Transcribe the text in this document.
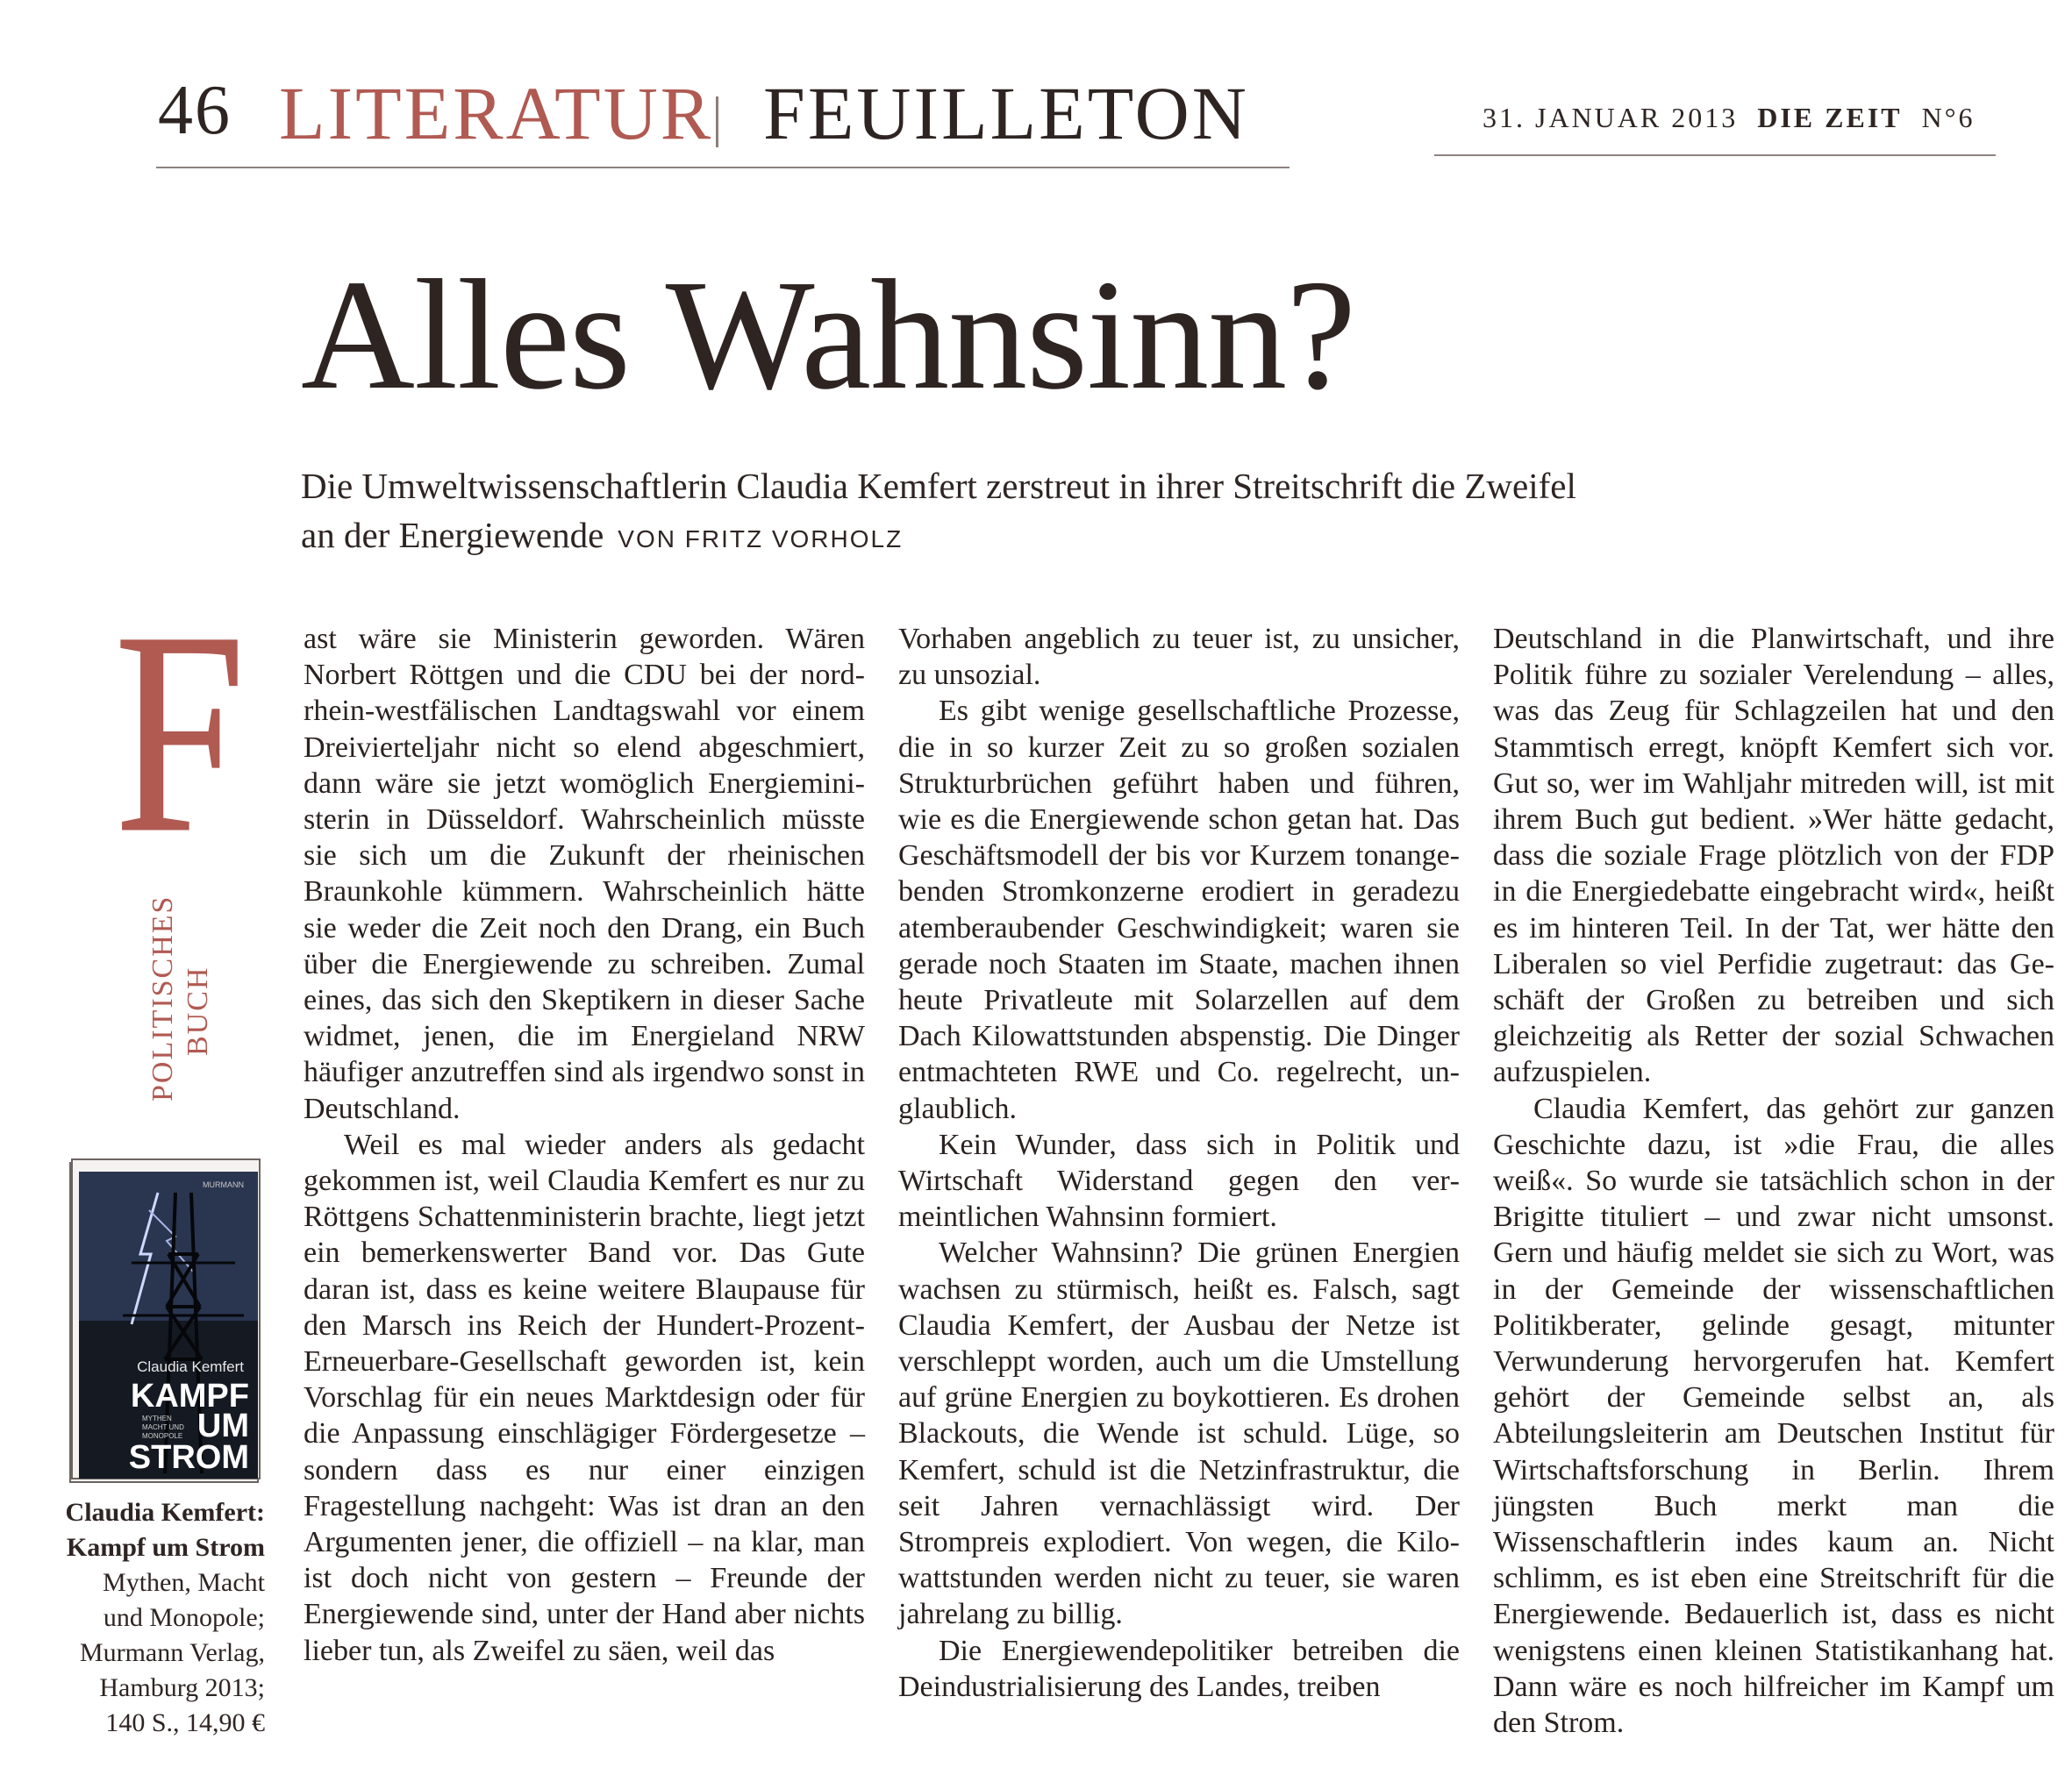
46 LITERATUR FEUILLETON	31. JANUAR 2013 DIE ZEIT N°6
Alles Wahnsinn?
Die Umweltwissenschaftlerin Claudia Kemfert zerstreut in ihrer Streitschrift die Zweifel an der Energiewende VON FRITZ VORHOLZ
F
POLITISCHES BUCH
MURMANN
Claudia Kemfert
KAMPF
MYTHEN
MACHT UND
MONOPOLE UM
STROM
Claudia Kemfert:
Kampf um Strom
Mythen, Macht
und Monopole;
Murmann Verlag,
Hamburg 2013;
140 S., 14,90 €

ast wäre sie Ministerin geworden. Wären Norbert Röttgen und die CDU bei der nordrhein-westfälischen Landtagswahl vor einem Dreivierteljahr nicht so elend abgeschmiert, dann wäre sie jetzt womöglich Energieministerin in Düsseldorf. Wahrscheinlich müsste sie sich um die Zukunft der rheinischen Braunkohle kümmern. Wahrscheinlich hätte sie weder die Zeit noch den Drang, ein Buch über die Energiewende zu schreiben. Zumal eines, das sich den Skeptikern in dieser Sache widmet, jenen, die im Energieland NRW häufiger anzutreffen sind als irgendwo sonst in Deutschland.

Weil es mal wieder anders als gedacht gekommen ist, weil Claudia Kemfert es nur zu Röttgens Schattenministerin brachte, liegt jetzt ein bemerkenswerter Band vor. Das Gute daran ist, dass es keine weitere Blaupause für den Marsch ins Reich der Hundert-Prozent-Erneuerbare-Gesellschaft geworden ist, kein Vorschlag für ein neues Marktdesign oder für die Anpassung einschlägiger Fördergesetze – sondern dass es nur einer einzigen Fragestellung nachgeht: Was ist dran an den Argumenten jener, die offiziell – na klar, man ist doch nicht von gestern – Freunde der Energiewende sind, unter der Hand aber nichts lieber tun, als Zweifel zu säen, weil das

Vorhaben angeblich zu teuer ist, zu unsicher, zu unsozial.

Es gibt wenige gesellschaftliche Prozesse, die in so kurzer Zeit zu so großen sozialen Strukturbrüchen geführt haben und führen, wie es die Energiewende schon getan hat. Das Geschäftsmodell der bis vor Kurzem tonangebenden Stromkonzerne erodiert in geradezu atemberaubender Geschwindigkeit; waren sie gerade noch Staaten im Staate, machen ihnen heute Privatleute mit Solarzellen auf dem Dach Kilowattstunden abspenstig. Die Dinger entmachteten RWE und Co. regelrecht, unglaublich.

Kein Wunder, dass sich in Politik und Wirtschaft Widerstand gegen den vermeintlichen Wahnsinn formiert.

Welcher Wahnsinn? Die grünen Energien wachsen zu stürmisch, heißt es. Falsch, sagt Claudia Kemfert, der Ausbau der Netze ist verschleppt worden, auch um die Umstellung auf grüne Energien zu boykottieren. Es drohen Blackouts, die Wende ist schuld. Lüge, so Kemfert, schuld ist die Netzinfrastruktur, die seit Jahren vernachlässigt wird. Der Strompreis explodiert. Von wegen, die Kilowattstunden werden nicht zu teuer, sie waren jahrelang zu billig.

Die Energiewendepolitiker betreiben die Deindustrialisierung des Landes, treiben

Deutschland in die Planwirtschaft, und ihre Politik führe zu sozialer Verelendung – alles, was das Zeug für Schlagzeilen hat und den Stammtisch erregt, knöpft Kemfert sich vor. Gut so, wer im Wahljahr mitreden will, ist mit ihrem Buch gut bedient. »Wer hätte gedacht, dass die soziale Frage plötzlich von der FDP in die Energiedebatte eingebracht wird«, heißt es im hinteren Teil. In der Tat, wer hätte den Liberalen so viel Perfidie zugetraut: das Geschäft der Großen zu betreiben und sich gleichzeitig als Retter der sozial Schwachen aufzuspielen.

Claudia Kemfert, das gehört zur ganzen Geschichte dazu, ist »die Frau, die alles weiß«. So wurde sie tatsächlich schon in der Brigitte tituliert – und zwar nicht umsonst. Gern und häufig meldet sie sich zu Wort, was in der Gemeinde der wissenschaftlichen Politikberater, gelinde gesagt, mitunter Verwunderung hervorgerufen hat. Kemfert gehört der Gemeinde selbst an, als Abteilungsleiterin am Deutschen Institut für Wirtschaftsforschung in Berlin. Ihrem jüngsten Buch merkt man die Wissenschaftlerin indes kaum an. Nicht schlimm, es ist eben eine Streitschrift für die Energiewende. Bedauerlich ist, dass es nicht wenigstens einen kleinen Statistikanhang hat. Dann wäre es noch hilfreicher im Kampf um den Strom.
